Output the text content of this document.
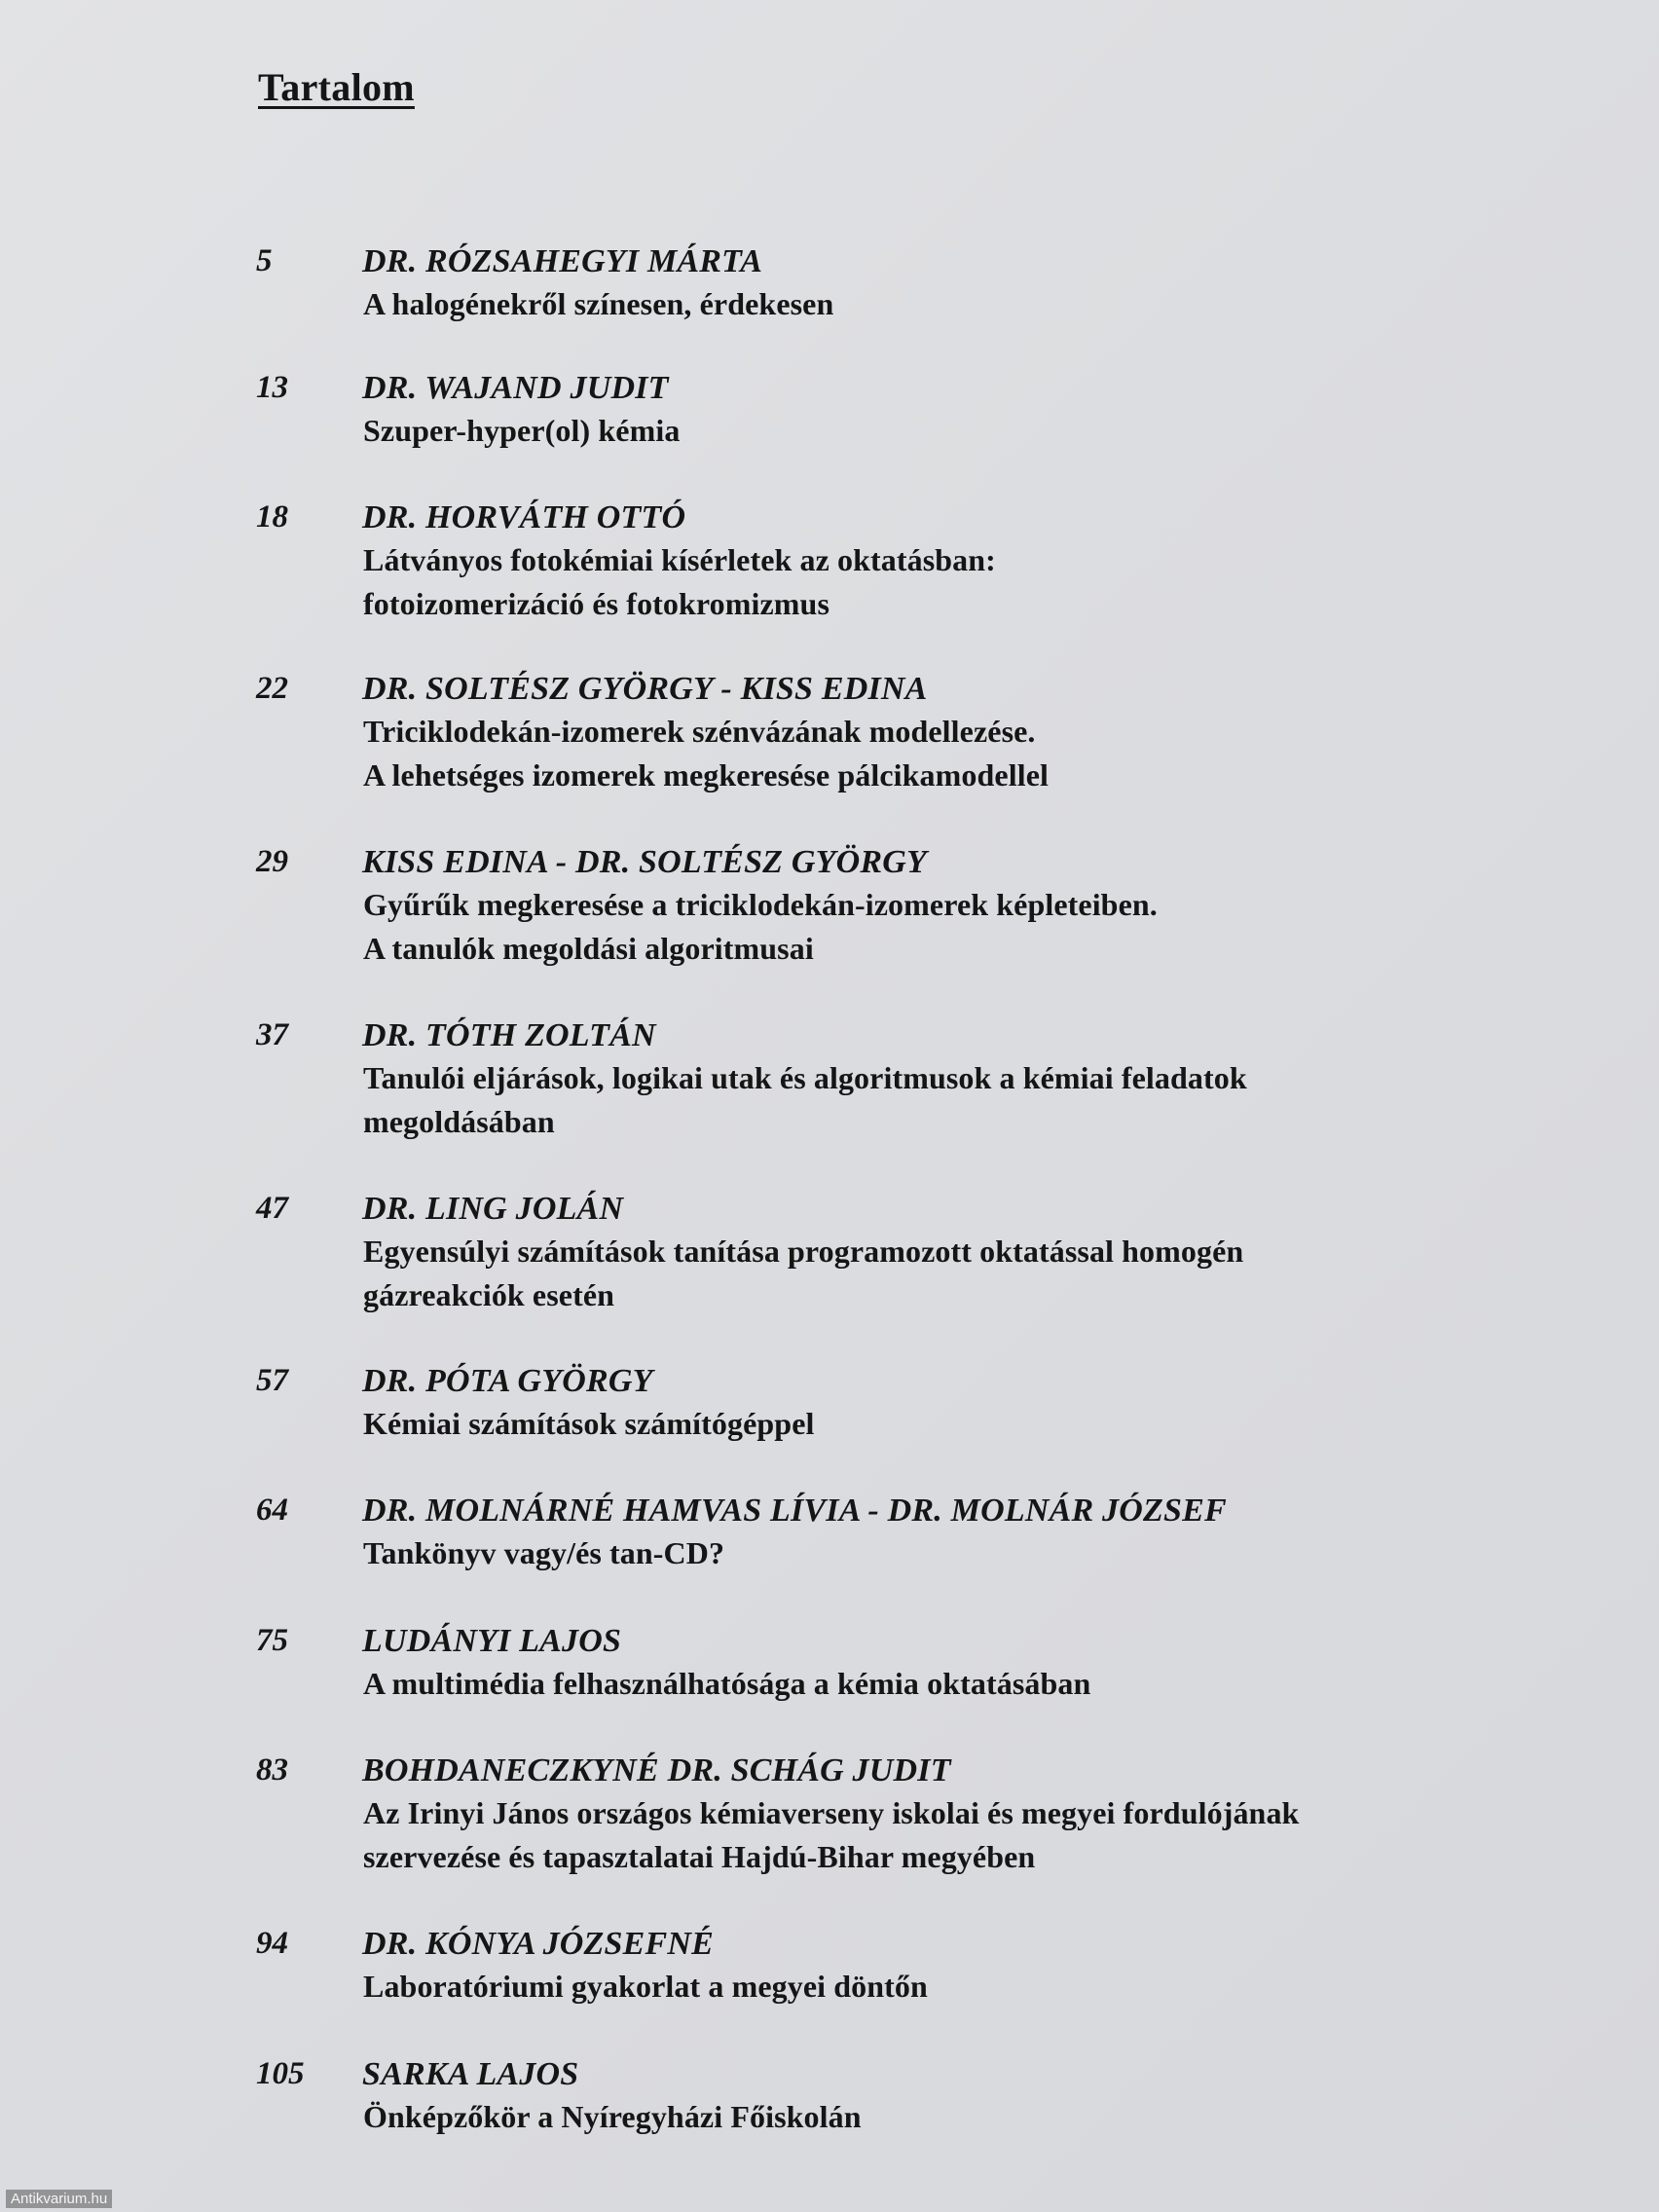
Tartalom
5	DR. RÓZSAHEGYI MÁRTA
A halogénekről színesen, érdekesen
13 DR. WAJAND JUDIT
Szuper-hyper(ol) kémia
18 DR. HORVÁTH OTTÓ
Látványos fotokémiai kísérletek az oktatásban:
fotoizomerizáció és fotokromizmus
22 DR. SOLTÉSZ GYÖRGY - KISS EDINA
Triciklodekán-izomerek szénvázának modellezése.
A lehetséges izomerek megkeresése pálcikamodellel
29 KISS EDINA - DR. SOLTÉSZ GYÖRGY
Gyűrűk megkeresése a triciklodekán-izomerek képleteiben.
A tanulók megoldási algoritmusai
37 DR. TÓTH ZOLTÁN
Tanulói eljárások, logikai utak és algoritmusok a kémiai feladatok
megoldásában
47 DR. LING JOLÁN
Egyensúlyi számítások tanítása programozott oktatással homogén
gázreakciók esetén
57 DR. PÓTA GYÖRGY
Kémiai számítások számítógéppel
64 DR. MOLNÁRNÉ HAMVAS LÍVIA - DR. MOLNÁR JÓZSEF
Tankönyv vagy/és tan-CD?
75 LUDÁNYI LAJOS
A multimédia felhasználhatósága a kémia oktatásában
83 BOHDANECZKYNÉ DR. SCHÁG JUDIT
Az Irinyi János országos kémiaverseny iskolai és megyei fordulójának
szervezése és tapasztalatai Hajdú-Bihar megyében
94 DR. KÓNYA JÓZSEFNÉ
Laboratóriumi gyakorlat a megyei döntőn
105 SARKA LAJOS
Önképzőkör a Nyíregyházi Főiskolán
Antikvarium.hu
